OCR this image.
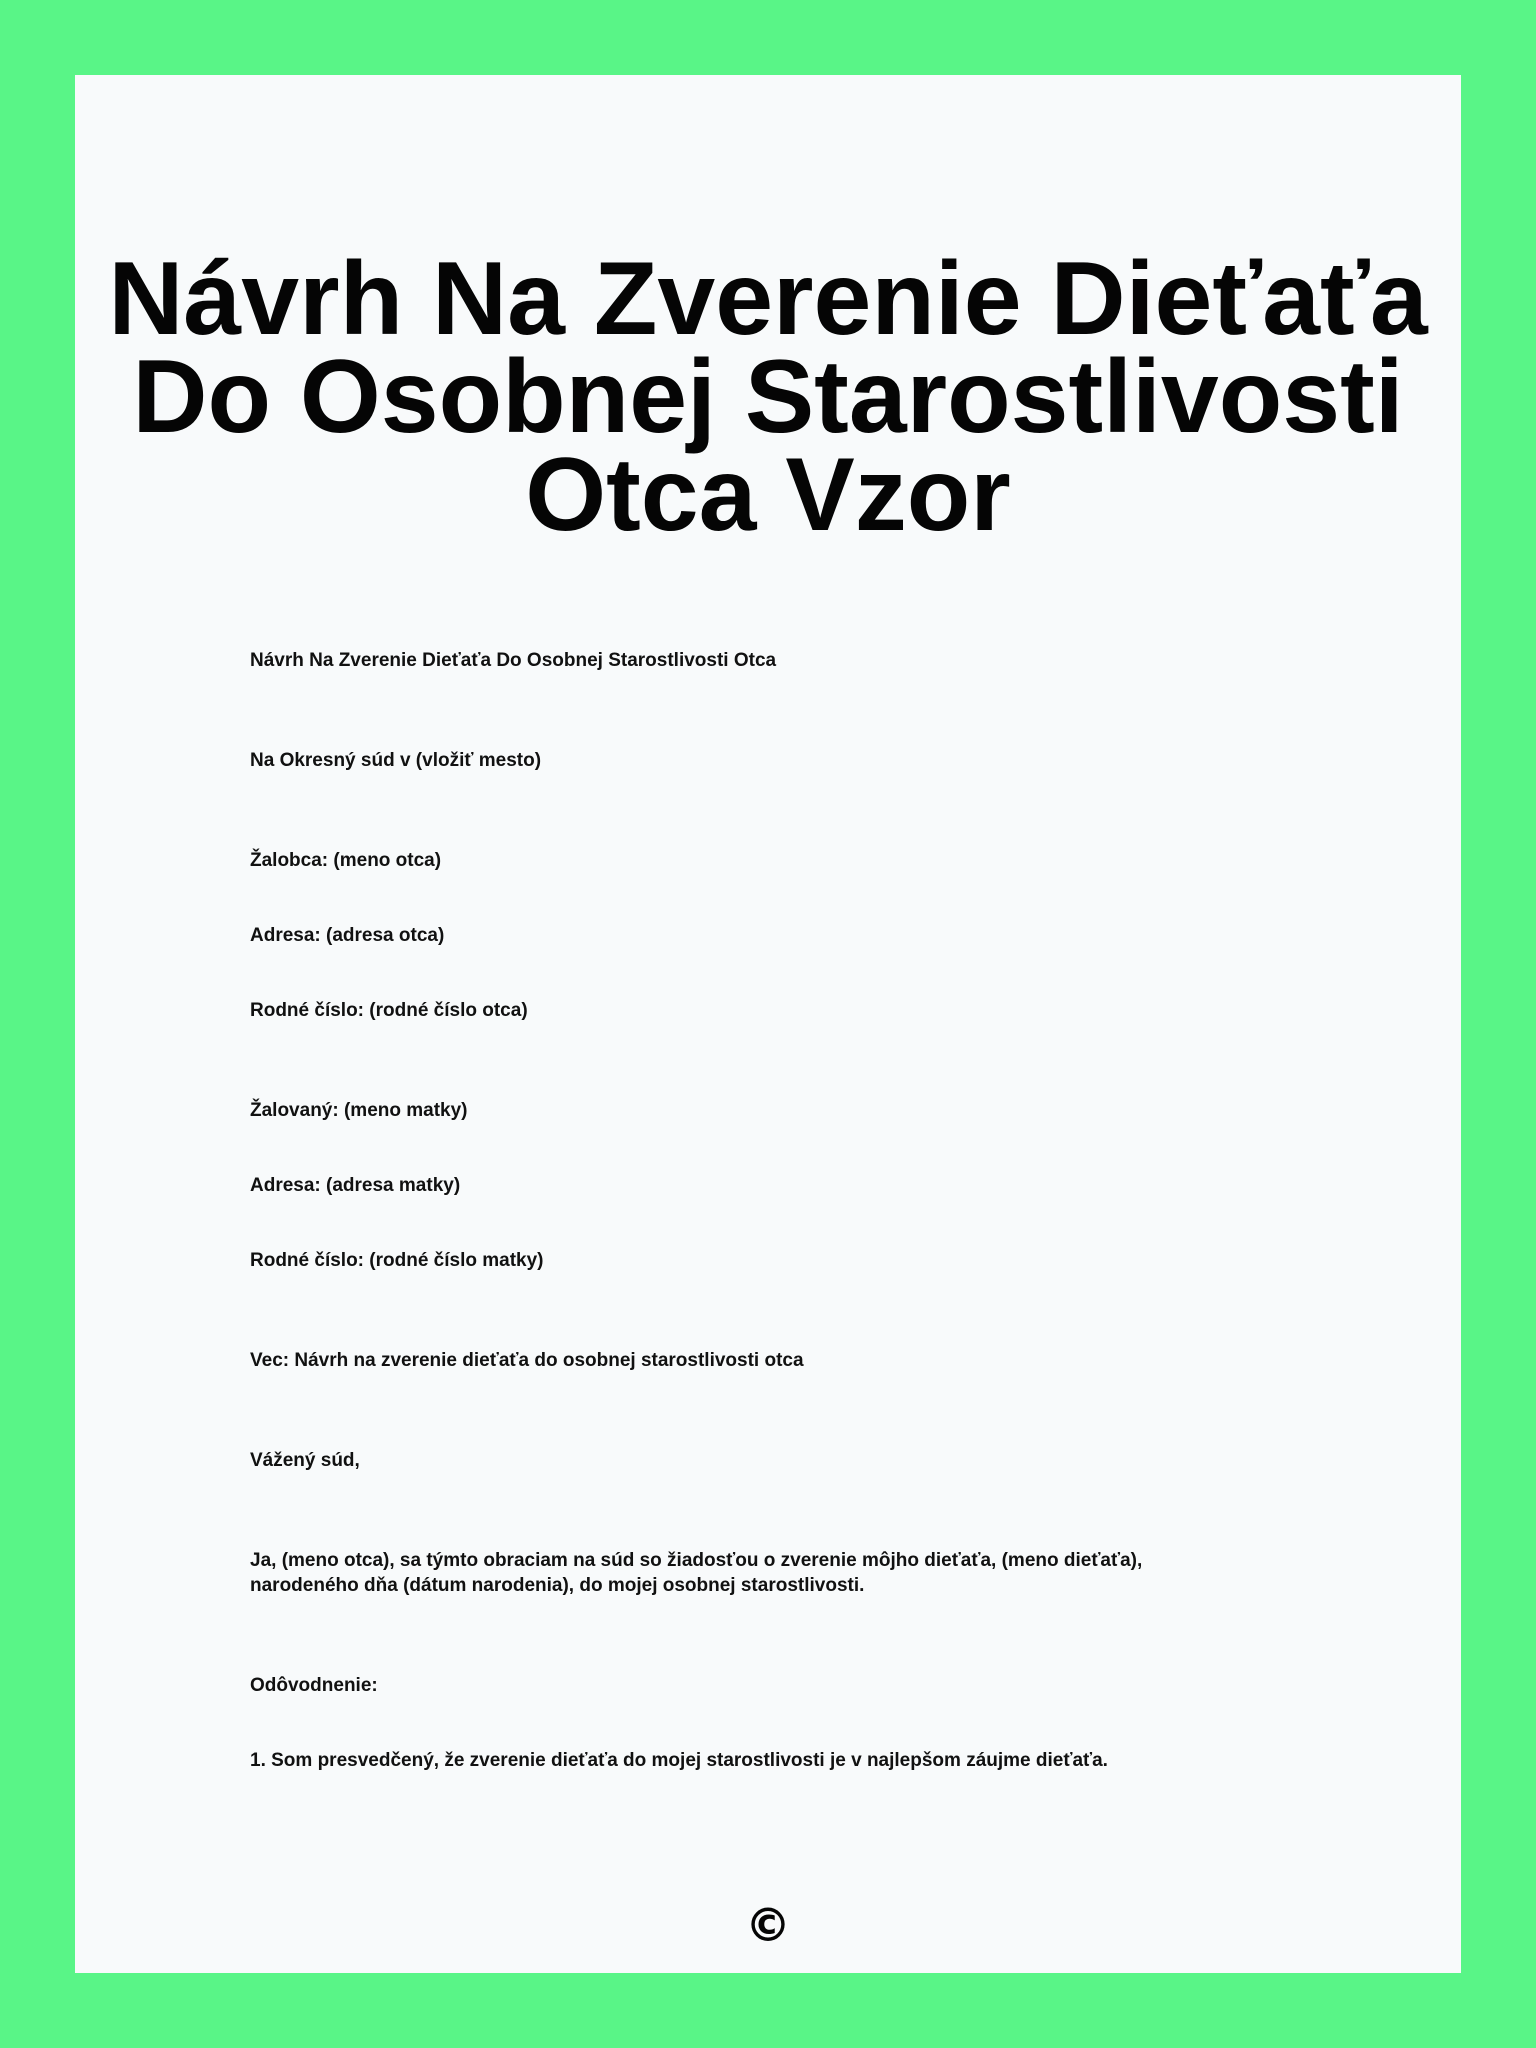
Návrh Na Zverenie Dieťaťa Do Osobnej Starostlivosti Otca Vzor

Návrh Na Zverenie Dieťaťa Do Osobnej Starostlivosti Otca

Na Okresný súd v (vložiť mesto)

Žalobca: (meno otca)

Adresa: (adresa otca)

Rodné číslo: (rodné číslo otca)

Žalovaný: (meno matky)

Adresa: (adresa matky)

Rodné číslo: (rodné číslo matky)

Vec: Návrh na zverenie dieťaťa do osobnej starostlivosti otca

Vážený súd,

Ja, (meno otca), sa týmto obraciam na súd so žiadosťou o zverenie môjho dieťaťa, (meno dieťaťa), narodeného dňa (dátum narodenia), do mojej osobnej starostlivosti.

Odôvodnenie:

1. Som presvedčený, že zverenie dieťaťa do mojej starostlivosti je v najlepšom záujme dieťaťa.

©
